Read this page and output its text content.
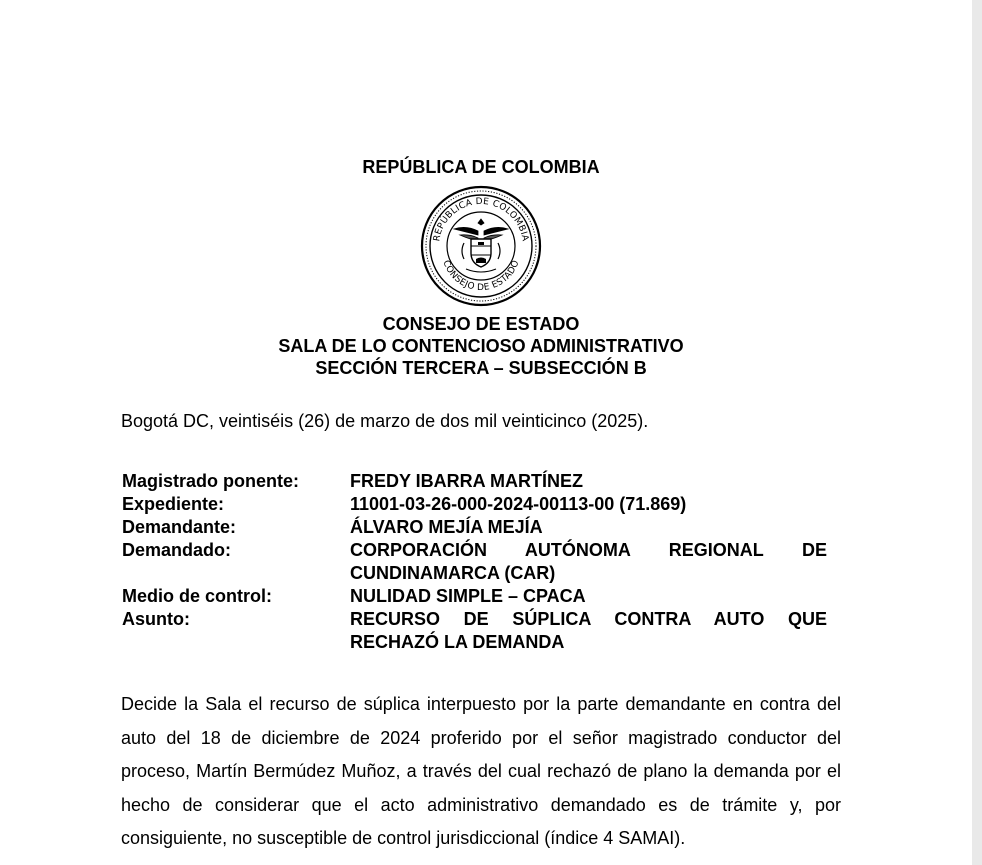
REPÚBLICA DE COLOMBIA
REPÚBLICA DE COLOMBIA
CONSEJO DE ESTADO
CONSEJO DE ESTADO
SALA DE LO CONTENCIOSO ADMINISTRATIVO
SECCIÓN TERCERA – SUBSECCIÓN B
Bogotá DC, veintiséis (26) de marzo de dos mil veinticinco (2025).
Magistrado ponente:	FREDY IBARRA MARTÍNEZ
Expediente:	11001-03-26-000-2024-00113-00 (71.869)
Demandante:	ÁLVARO MEJÍA MEJÍA
Demandado:	CORPORACIÓN AUTÓNOMA REGIONAL DE CUNDINAMARCA (CAR)
Medio de control:	NULIDAD SIMPLE – CPACA
Asunto:	RECURSO DE SÚPLICA CONTRA AUTO QUE RECHAZÓ LA DEMANDA
Decide la Sala el recurso de súplica interpuesto por la parte demandante en contra del auto del 18 de diciembre de 2024 proferido por el señor magistrado conductor del proceso, Martín Bermúdez Muñoz, a través del cual rechazó de plano la demanda por el hecho de considerar que el acto administrativo demandado es de trámite y, por consiguiente, no susceptible de control jurisdiccional (índice 4 SAMAI).
